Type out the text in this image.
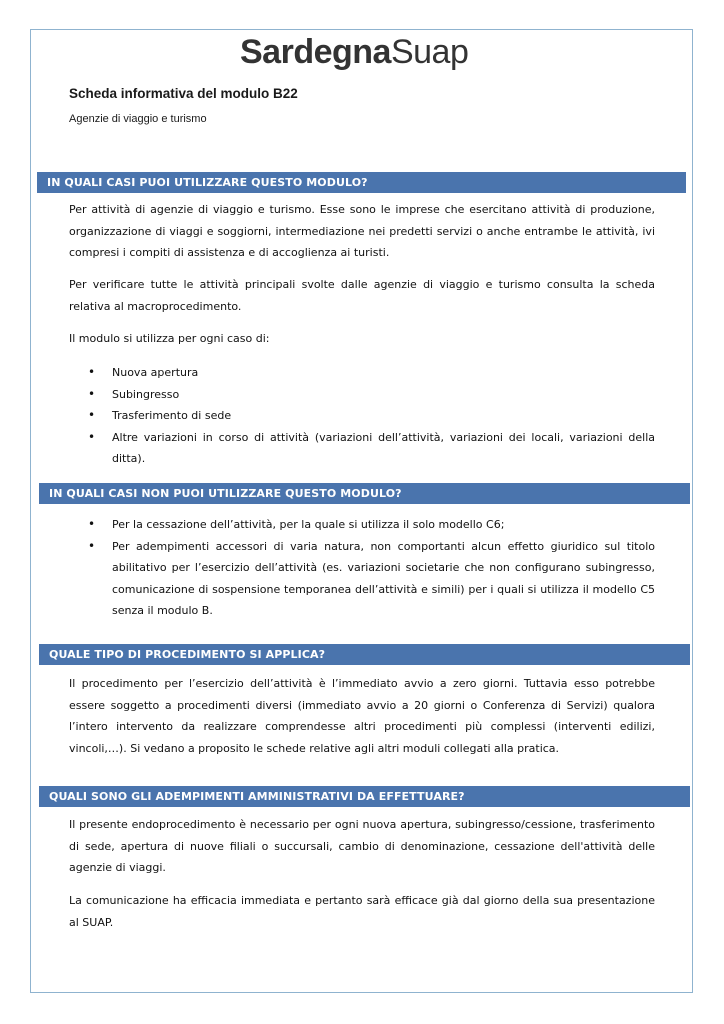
SardegnaSuap
Scheda informativa del modulo B22
Agenzie di viaggio e turismo
IN QUALI CASI PUOI UTILIZZARE QUESTO MODULO?
Per attività di agenzie di viaggio e turismo. Esse sono le imprese che esercitano attività di produzione, organizzazione di viaggi e soggiorni, intermediazione nei predetti servizi o anche entrambe le attività, ivi compresi i compiti di assistenza e di accoglienza ai turisti.
Per verificare tutte le attività principali svolte dalle agenzie di viaggio e turismo consulta la scheda relativa al macroprocedimento.
Il modulo si utilizza per ogni caso di:
• Nuova apertura
• Subingresso
• Trasferimento di sede
• Altre variazioni in corso di attività (variazioni dell’attività, variazioni dei locali, variazioni della ditta).
IN QUALI CASI NON PUOI UTILIZZARE QUESTO MODULO?
• Per la cessazione dell’attività, per la quale si utilizza il solo modello C6;
• Per adempimenti accessori di varia natura, non comportanti alcun effetto giuridico sul titolo abilitativo per l’esercizio dell’attività (es. variazioni societarie che non configurano subingresso, comunicazione di sospensione temporanea dell’attività e simili) per i quali si utilizza il modello C5 senza il modulo B.
QUALE TIPO DI PROCEDIMENTO SI APPLICA?
Il procedimento per l’esercizio dell’attività è l’immediato avvio a zero giorni. Tuttavia esso potrebbe essere soggetto a procedimenti diversi (immediato avvio a 20 giorni o Conferenza di Servizi) qualora l’intero intervento da realizzare comprendesse altri procedimenti più complessi (interventi edilizi, vincoli,…). Si vedano a proposito le schede relative agli altri moduli collegati alla pratica.
QUALI SONO GLI ADEMPIMENTI AMMINISTRATIVI DA EFFETTUARE?
Il presente endoprocedimento è necessario per ogni nuova apertura, subingresso/cessione, trasferimento di sede, apertura di nuove filiali o succursali, cambio di denominazione, cessazione dell'attività delle agenzie di viaggi.
La comunicazione ha efficacia immediata e pertanto sarà efficace già dal giorno della sua presentazione al SUAP.
